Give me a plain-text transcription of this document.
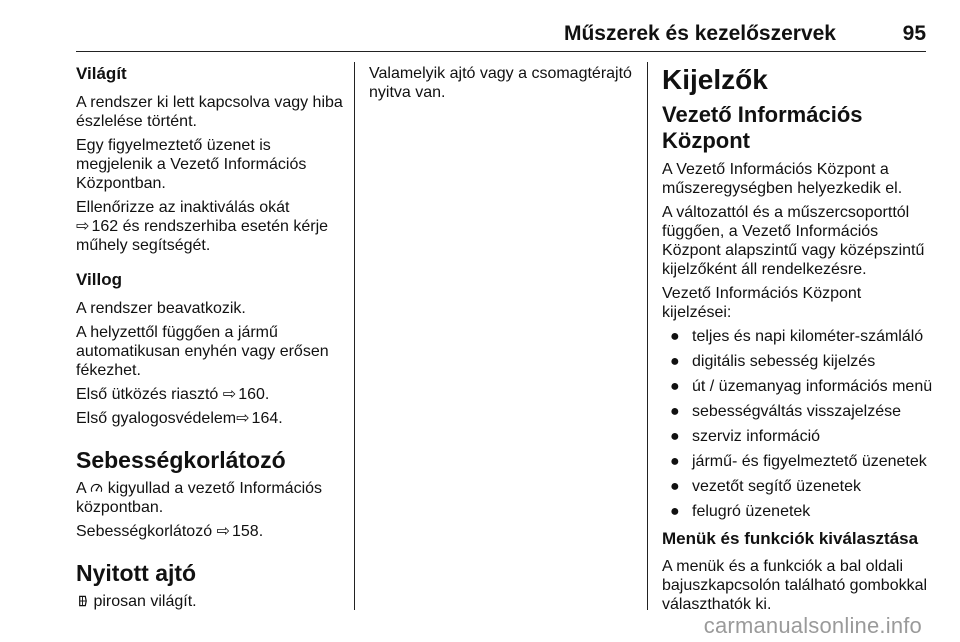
Műszerek és kezelőszervek	95
Világít

A rendszer ki lett kapcsolva vagy hiba észlelése történt.

Egy figyelmeztető üzenet is megjelenik a Vezető Információs Központban.

Ellenőrizze az inaktiválás okát
⇨ 162 és rendszerhiba esetén kérje műhely segítségét.

Villog

A rendszer beavatkozik.

A helyzettől függően a jármű automatikusan enyhén vagy erősen fékezhet.

Első ütközés riasztó ⇨ 160.

Első gyalogosvédelem⇨ 164.

Sebességkorlátozó

A kigyullad a vezető Információs központban.

Sebességkorlátozó ⇨ 158.

Nyitott ajtó

pirosan világít.

Valamelyik ajtó vagy a csomagtérajtó nyitva van.	Kijelzők
Vezető Információs Központ

A Vezető Információs Központ a műszeregységben helyezkedik el.

A változattól és a műszercsoporttól függően, a Vezető Információs Központ alapszintű vagy középszintű kijelzőként áll rendelkezésre.

Vezető Információs Központ kijelzései:

● teljes és napi kilométer-számláló
● digitális sebesség kijelzés
● út / üzemanyag információs menü
● sebességváltás visszajelzése
● szerviz információ
● jármű- és figyelmeztető üzenetek
● vezetőt segítő üzenetek
● felugró üzenetek
Menük és funkciók kiválasztása

A menük és a funkciók a bal oldali bajuszkapcsolón található gombokkal választhatók ki.

carmanualsonline.info
